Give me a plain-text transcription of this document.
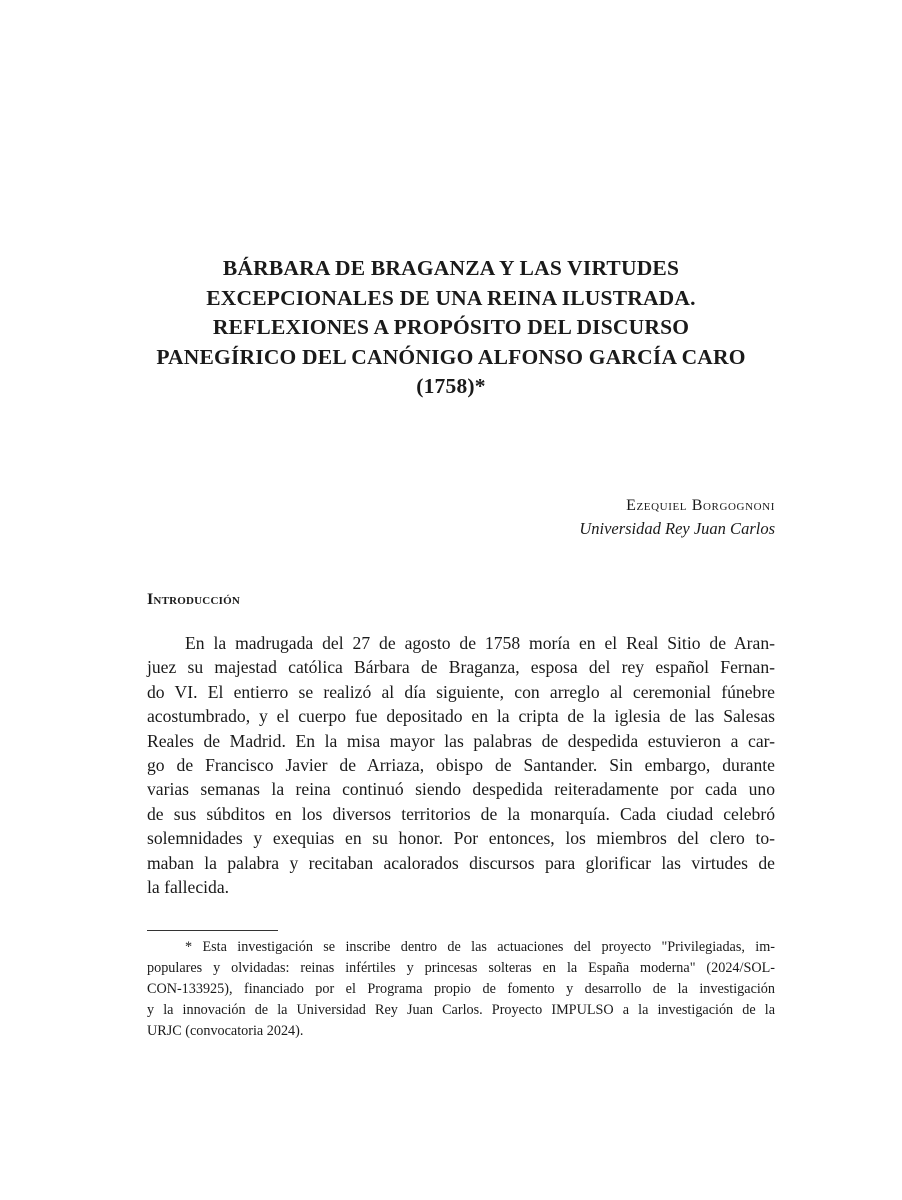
BÁRBARA DE BRAGANZA Y LAS VIRTUDES
EXCEPCIONALES DE UNA REINA ILUSTRADA.
REFLEXIONES A PROPÓSITO DEL DISCURSO
PANEGÍRICO DEL CANÓNIGO ALFONSO GARCÍA CARO
(1758)*
Ezequiel Borgognoni
Universidad Rey Juan Carlos
Introducción
En la madrugada del 27 de agosto de 1758 moría en el Real Sitio de Aran-
juez su majestad católica Bárbara de Braganza, esposa del rey español Fernan-
do VI. El entierro se realizó al día siguiente, con arreglo al ceremonial fúnebre
acostumbrado, y el cuerpo fue depositado en la cripta de la iglesia de las Salesas
Reales de Madrid. En la misa mayor las palabras de despedida estuvieron a car-
go de Francisco Javier de Arriaza, obispo de Santander. Sin embargo, durante
varias semanas la reina continuó siendo despedida reiteradamente por cada uno
de sus súbditos en los diversos territorios de la monarquía. Cada ciudad celebró
solemnidades y exequias en su honor. Por entonces, los miembros del clero to-
maban la palabra y recitaban acalorados discursos para glorificar las virtudes de
la fallecida.
* Esta investigación se inscribe dentro de las actuaciones del proyecto "Privilegiadas, im-
populares y olvidadas: reinas infértiles y princesas solteras en la España moderna" (2024/SOL-
CON-133925), financiado por el Programa propio de fomento y desarrollo de la investigación
y la innovación de la Universidad Rey Juan Carlos. Proyecto IMPULSO a la investigación de la
URJC (convocatoria 2024).
